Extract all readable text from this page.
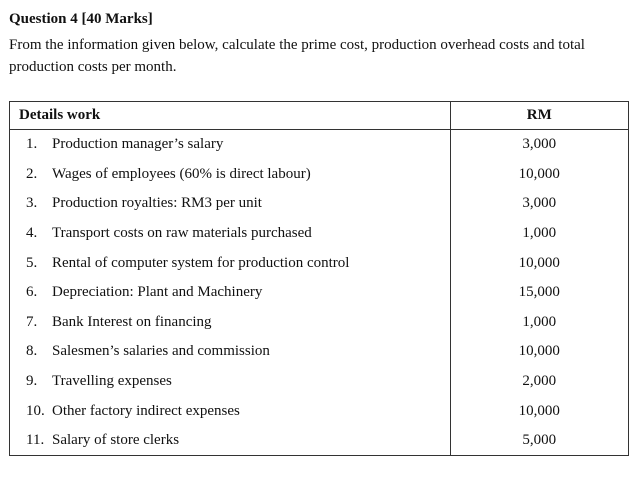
Question 4 [40 Marks]
From the information given below, calculate the prime cost, production overhead costs and total production costs per month.
Details work	RM
1. Production manager’s salary	3,000
2. Wages of employees (60% is direct labour)	10,000
3. Production royalties: RM3 per unit	3,000
4. Transport costs on raw materials purchased	1,000
5. Rental of computer system for production control	10,000
6. Depreciation: Plant and Machinery	15,000
7. Bank Interest on financing	1,000
8. Salesmen’s salaries and commission	10,000
9. Travelling expenses	2,000
10. Other factory indirect expenses	10,000
11. Salary of store clerks	5,000
